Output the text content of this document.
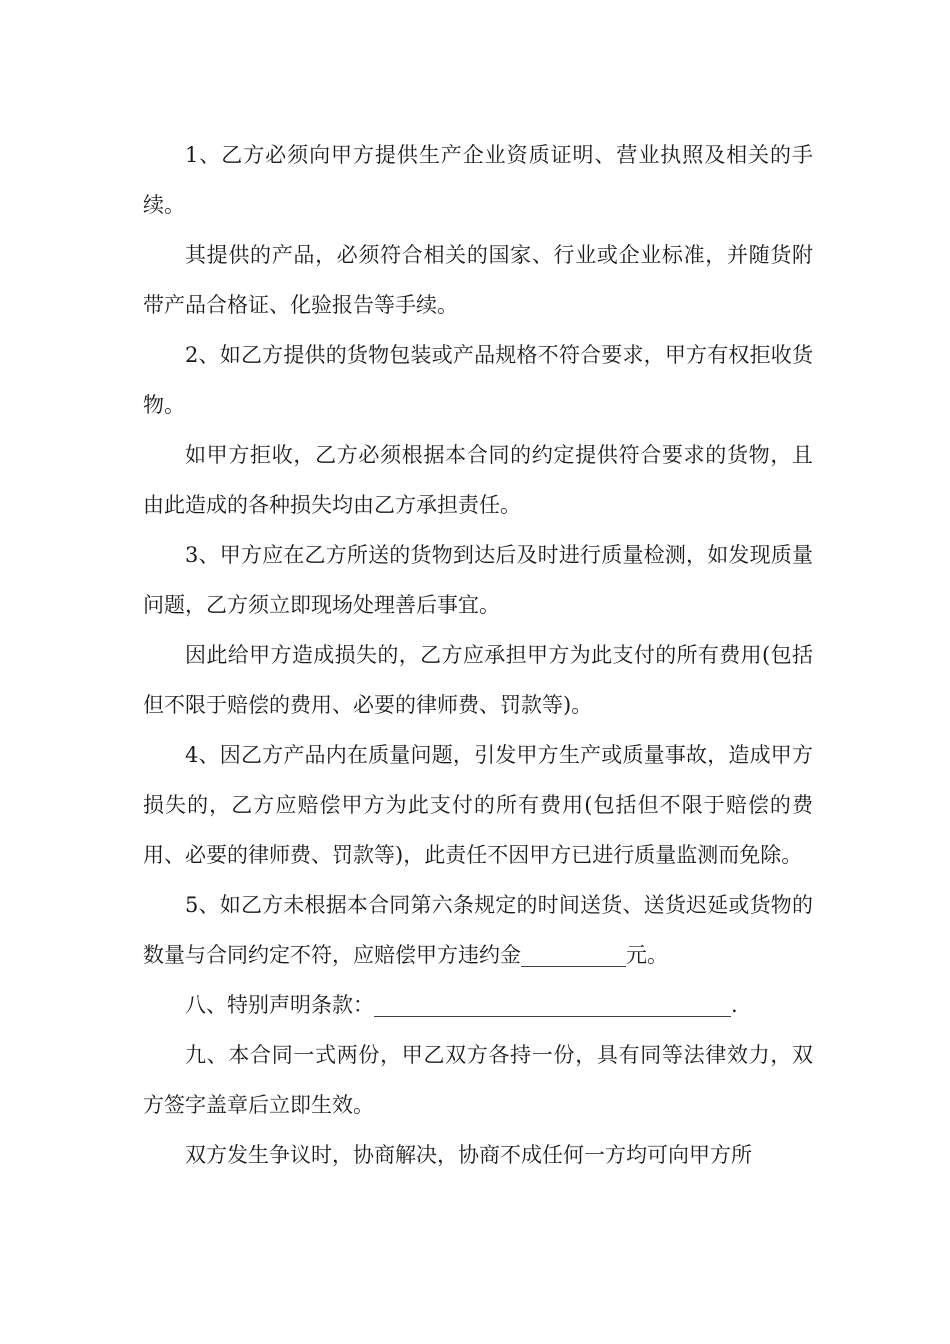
1、乙方必须向甲方提供生产企业资质证明、营业执照及相关的手续。

其提供的产品，必须符合相关的国家、行业或企业标准，并随货附带产品合格证、化验报告等手续。

2、如乙方提供的货物包装或产品规格不符合要求，甲方有权拒收货物。

如甲方拒收，乙方必须根据本合同的约定提供符合要求的货物，且由此造成的各种损失均由乙方承担责任。

3、甲方应在乙方所送的货物到达后及时进行质量检测，如发现质量问题，乙方须立即现场处理善后事宜。

因此给甲方造成损失的，乙方应承担甲方为此支付的所有费用(包括但不限于赔偿的费用、必要的律师费、罚款等)。

4、因乙方产品内在质量问题，引发甲方生产或质量事故，造成甲方损失的，乙方应赔偿甲方为此支付的所有费用(包括但不限于赔偿的费用、必要的律师费、罚款等)，此责任不因甲方已进行质量监测而免除。

5、如乙方未根据本合同第六条规定的时间送货、送货迟延或货物的数量与合同约定不符，应赔偿甲方违约金__________元。

八、特别声明条款：__________________________________.

九、本合同一式两份，甲乙双方各持一份，具有同等法律效力，双方签字盖章后立即生效。

双方发生争议时，协商解决，协商不成任何一方均可向甲方所
